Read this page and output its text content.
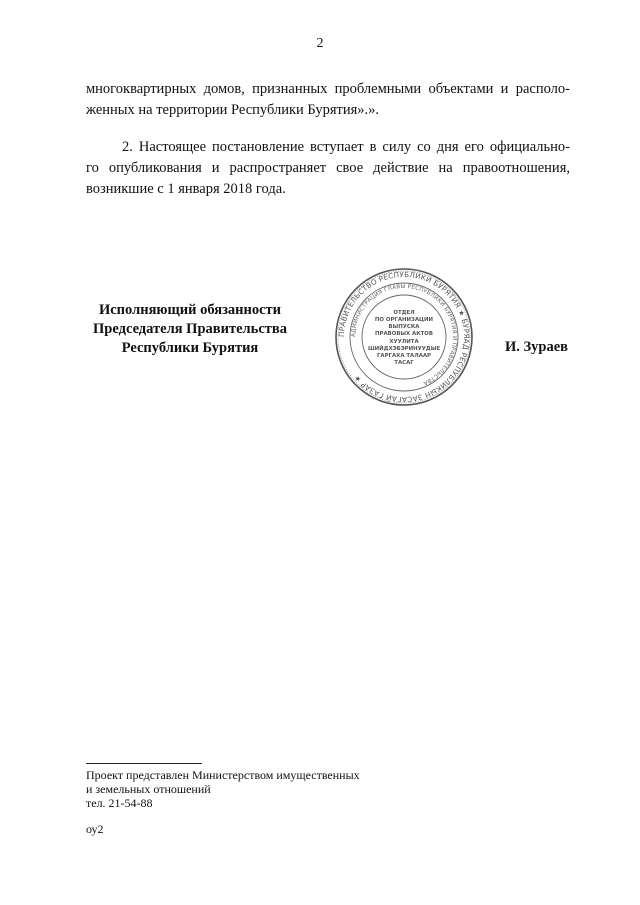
2
многоквартирных домов, признанных проблемными объектами и располо-
женных на территории Республики Бурятия».».
2. Настоящее постановление вступает в силу со дня его официально-
го опубликования и распространяет свое действие на правоотношения,
возникшие с 1 января 2018 года.
Исполняющий обязанности
Председателя Правительства
Республики Бурятия
ПРАВИТЕЛЬСТВО РЕСПУБЛИКИ БУРЯТИЯ ★ БУРЯАД РЕСПУБЛИКЫН ЗАСАГАЙ ГАЗАР ★
АДМИНИСТРАЦИЯ ГЛАВЫ РЕСПУБЛИКИ БУРЯТИЯ И ПРАВИТЕЛЬСТВА
ОТДЕЛ
ПО ОРГАНИЗАЦИИ
ВЫПУСКА
ПРАВОВЫХ АКТОВ
ХУУЛИТА
ШИЙДХЭБЭРИНУУДЫЕ
ГАРГАХА ТАЛААР
ТАСАГ
И. Зураев
Проект представлен Министерством имущественных
и земельных отношений
тел. 21-54-88
оу2
